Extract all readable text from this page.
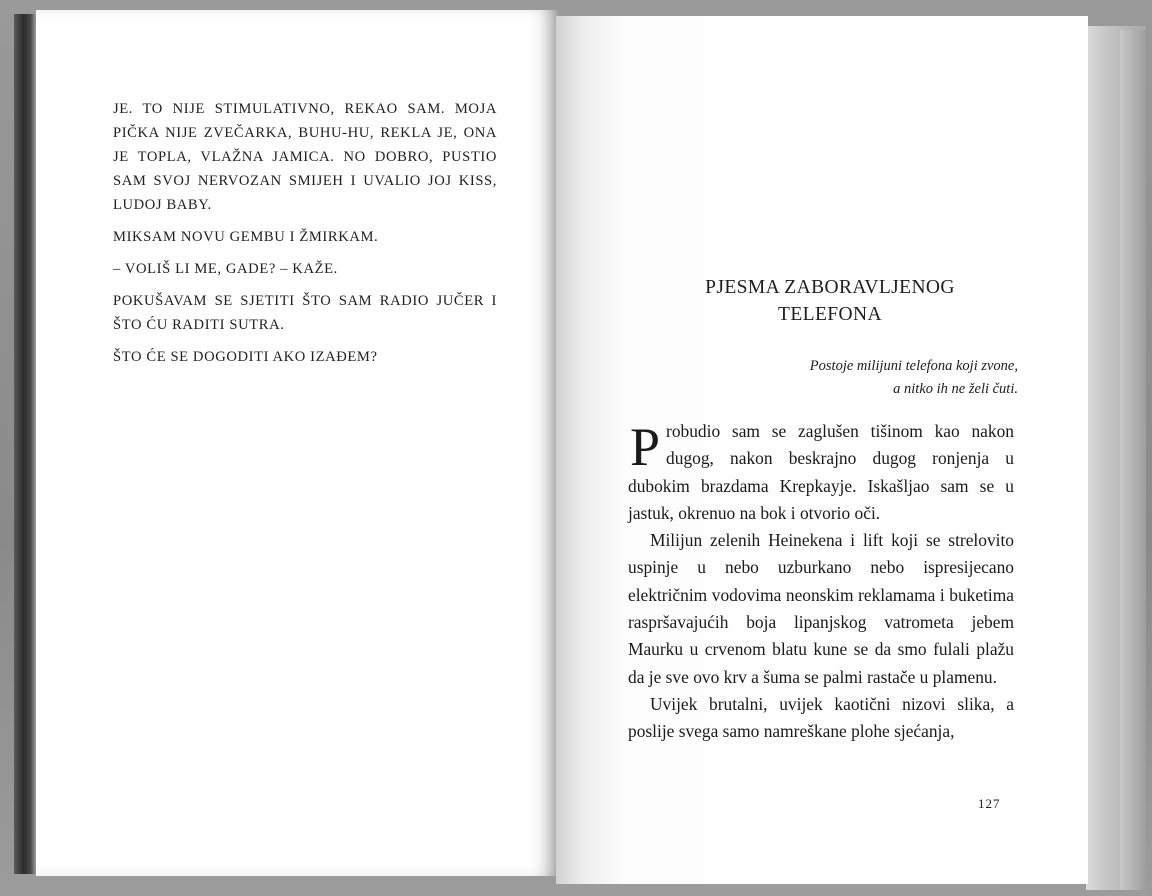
JE. TO NIJE STIMULATIVNO, REKAO SAM. MOJA PIČKA NIJE ZVEČARKA, BUHU-HU, REKLA JE, ONA JE TOPLA, VLAŽNA JAMICA. NO DOBRO, PUSTIO SAM SVOJ NERVOZAN SMIJEH I UVALIO JOJ KISS, LUDOJ BABY.

MIKSAM NOVU GEMBU I ŽMIRKAM.

– VOLIŠ LI ME, GADE? – KAŽE.

POKUŠAVAM SE SJETITI ŠTO SAM RADIO JUČER I ŠTO ĆU RADITI SUTRA.

ŠTO ĆE SE DOGODITI AKO IZAĐEM?

PJESMA ZABORAVLJENOG
TELEFONA
Postoje milijuni telefona koji zvone,
a nitko ih ne želi čuti.

Probudio sam se zaglušen tišinom kao nakon dugog, nakon beskrajno dugog ronjenja u dubokim brazdama Krepkayje. Iskašljao sam se u jastuk, okrenuo na bok i otvorio oči.

Milijun zelenih Heinekena i lift koji se strelovito uspinje u nebo uzburkano nebo ispresijecano električnim vodovima neonskim reklamama i buketima raspršavajućih boja lipanjskog vatrometa jebem Maurku u crvenom blatu kune se da smo fulali plažu da je sve ovo krv a šuma se palmi rastače u plamenu.

Uvijek brutalni, uvijek kaotični nizovi slika, a poslije svega samo namreškane plohe sjećanja,

127
